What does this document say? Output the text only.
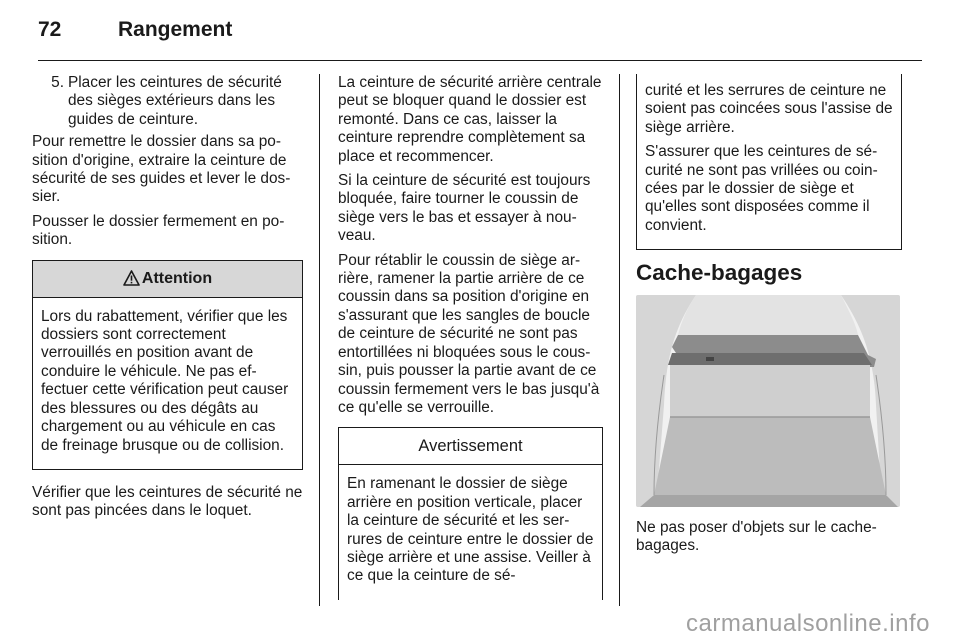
72	Rangement
5. Placer les ceintures de sécurité des sièges extérieurs dans les guides de ceinture.

Pour remettre le dossier dans sa position d'origine, extraire la ceinture de sécurité de ses guides et lever le dossier.

Pousser le dossier fermement en position.

Attention

Lors du rabattement, vérifier que les dossiers sont correctement verrouillés en position avant de conduire le véhicule. Ne pas effectuer cette vérification peut causer des blessures ou des dégâts au chargement ou au véhicule en cas de freinage brusque ou de collision.

Vérifier que les ceintures de sécurité ne sont pas pincées dans le loquet.

La ceinture de sécurité arrière centrale peut se bloquer quand le dossier est remonté. Dans ce cas, laisser la ceinture reprendre complètement sa place et recommencer.

Si la ceinture de sécurité est toujours bloquée, faire tourner le coussin de siège vers le bas et essayer à nouveau.

Pour rétablir le coussin de siège arrière, ramener la partie arrière de ce coussin dans sa position d'origine en s'assurant que les sangles de boucle de ceinture de sécurité ne sont pas entortillées ni bloquées sous le coussin, puis pousser la partie avant de ce coussin fermement vers le bas jusqu'à ce qu'elle se verrouille.

Avertissement

En ramenant le dossier de siège arrière en position verticale, placer la ceinture de sécurité et les serrures de ceinture entre le dossier de siège arrière et une assise. Veiller à ce que la ceinture de sé-

curité et les serrures de ceinture ne soient pas coincées sous l'assise de siège arrière.

S'assurer que les ceintures de sécurité ne sont pas vrillées ou coincées par le dossier de siège et qu'elles sont disposées comme il convient.

Cache-bagages

Ne pas poser d'objets sur le cache-bagages.

carmanualsonline.info
